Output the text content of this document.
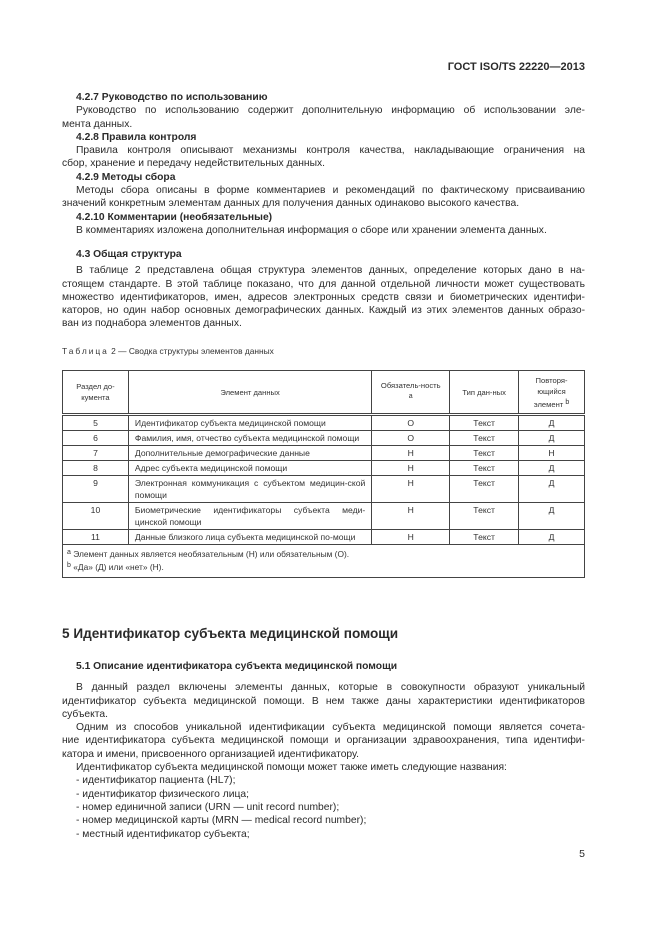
ГОСТ ISO/TS 22220—2013
4.2.7 Руководство по использованию
Руководство по использованию содержит дополнительную информацию об использовании эле-
мента данных.
4.2.8 Правила контроля
Правила контроля описывают механизмы контроля качества, накладывающие ограничения на
сбор, хранение и передачу недействительных данных.
4.2.9 Методы сбора
Методы сбора описаны в форме комментариев и рекомендаций по фактическому присваиванию
значений конкретным элементам данных для получения данных одинаково высокого качества.
4.2.10 Комментарии (необязательные)
В комментариях изложена дополнительная информация о сборе или хранении элемента данных.
4.3 Общая структура
В таблице 2 представлена общая структура элементов данных, определение которых дано в на-
стоящем стандарте. В этой таблице показано, что для данной отдельной личности может существовать
множество идентификаторов, имен, адресов электронных средств связи и биометрических идентифи-
каторов, но один набор основных демографических данных. Каждый из этих элементов данных образо-
ван из поднабора элементов данных.
Таблица 2 — Сводка структуры элементов данных
Раздел до-кумента	Элемент данных	Обязатель-ность $^a$	Тип дан-ных	Повторя-ющийся элемент $^b$
5	Идентификатор субъекта медицинской помощи	О	Текст	Д
6	Фамилия, имя, отчество субъекта медицинской помощи	О	Текст	Д
7	Дополнительные демографические данные	Н	Текст	Н
8	Адрес субъекта медицинской помощи	Н	Текст	Д
9	Электронная коммуникация с субъектом медицин-ской помощи	Н	Текст	Д
10	Биометрические идентификаторы субъекта меди-цинской помощи	Н	Текст	Д
11	Данные близкого лица субъекта медицинской по-мощи	Н	Текст	Д

$^a$ Элемент данных является необязательным (Н) или обязательным (О).
$^b$ «Да» (Д) или «нет» (Н).				
5 Идентификатор субъекта медицинской помощи
5.1 Описание идентификатора субъекта медицинской помощи
В данный раздел включены элементы данных, которые в совокупности образуют уникальный
идентификатор субъекта медицинской помощи. В нем также даны характеристики идентификаторов
субъекта.
Одним из способов уникальной идентификации субъекта медицинской помощи является сочета-
ние идентификатора субъекта медицинской помощи и организации здравоохранения, типа идентифи-
катора и имени, присвоенного организацией идентификатору.
Идентификатор субъекта медицинской помощи может также иметь следующие названия:
- идентификатор пациента (HL7);
- идентификатор физического лица;
- номер единичной записи (URN — unit record number);
- номер медицинской карты (MRN — medical record number);
- местный идентификатор субъекта;
5
